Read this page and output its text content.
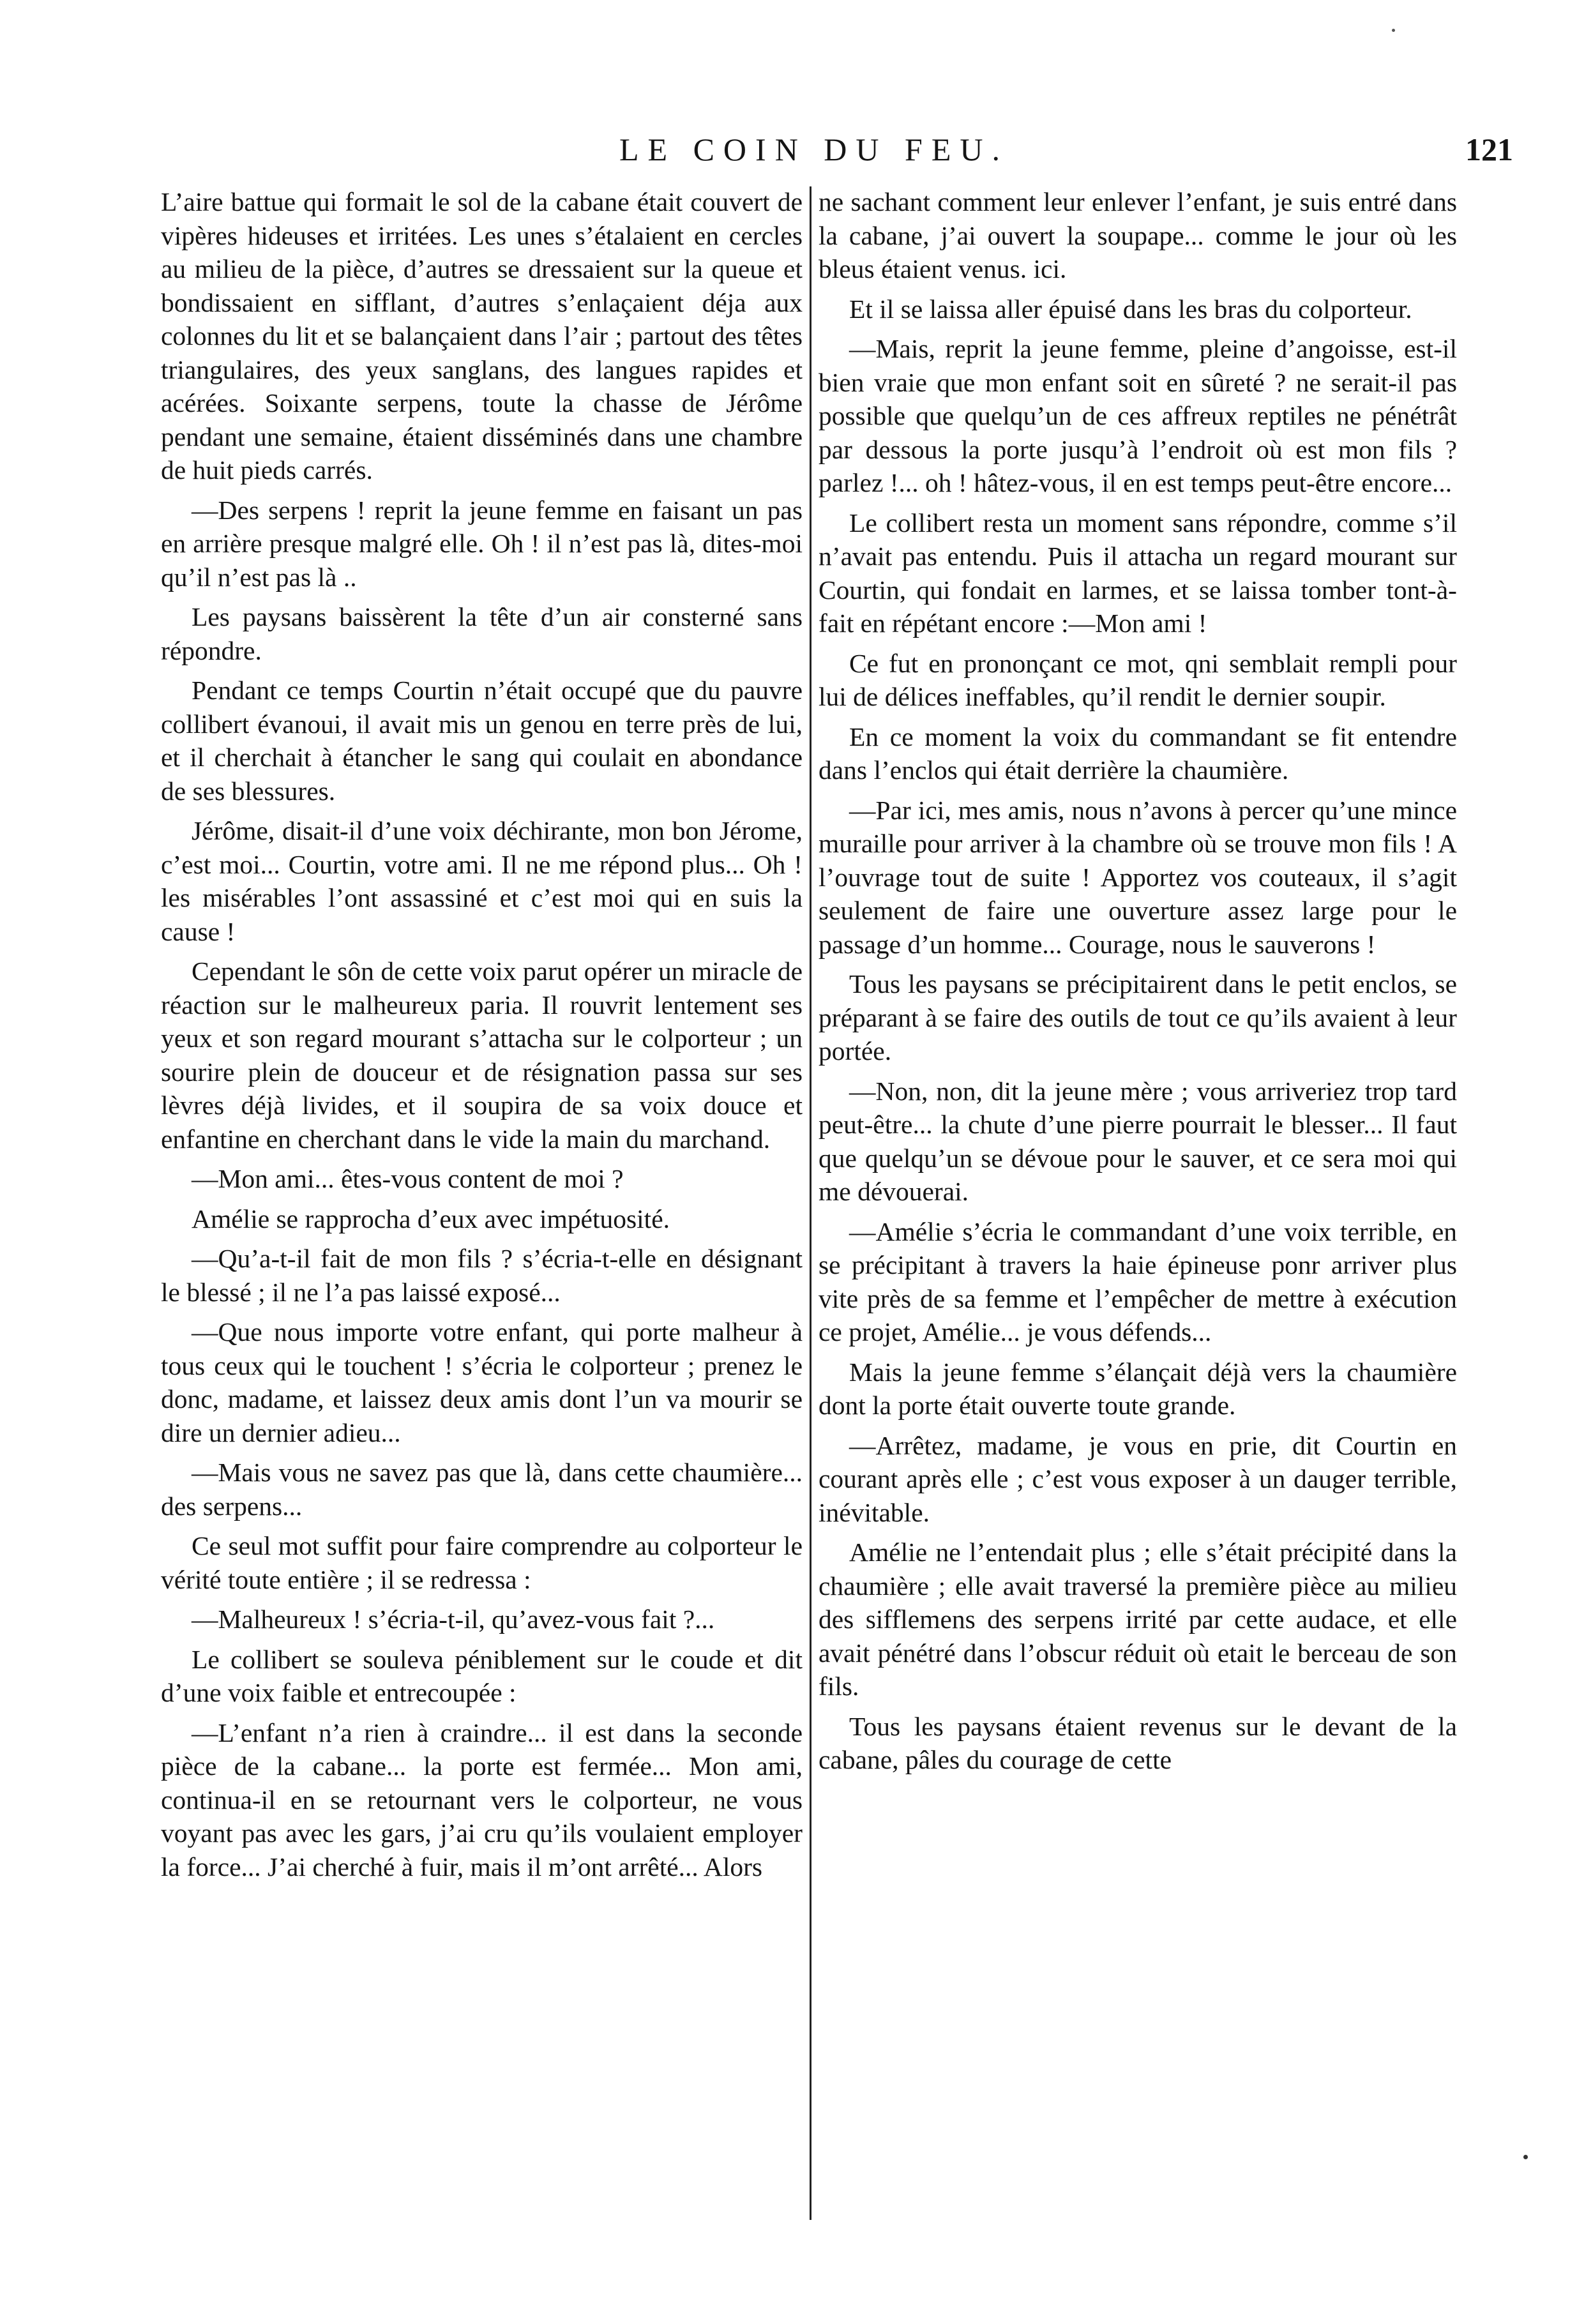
LE COIN DU FEU.	121

L’aire battue qui formait le sol de la cabane était couvert de vipères hideuses et irritées. Les unes s’étalaient en cercles au milieu de la pièce, d’autres se dressaient sur la queue et bondissaient en sifflant, d’autres s’enlaçaient déja aux colonnes du lit et se balançaient dans l’air ; partout des têtes triangulaires, des yeux sanglans, des langues rapides et acérées. Soixante serpens, toute la chasse de Jérôme pendant une semaine, étaient disséminés dans une chambre de huit pieds carrés.

—Des serpens ! reprit la jeune femme en faisant un pas en arrière presque malgré elle. Oh ! il n’est pas là, dites-moi qu’il n’est pas là ..

Les paysans baissèrent la tête d’un air consterné sans répondre.

Pendant ce temps Courtin n’était occupé que du pauvre collibert évanoui, il avait mis un genou en terre près de lui, et il cherchait à étancher le sang qui coulait en abondance de ses blessures.

Jérôme, disait-il d’une voix déchirante, mon bon Jérome, c’est moi... Courtin, votre ami. Il ne me répond plus... Oh ! les misérables l’ont assassiné et c’est moi qui en suis la cause !

Cependant le sôn de cette voix parut opérer un miracle de réaction sur le malheureux paria. Il rouvrit lentement ses yeux et son regard mourant s’attacha sur le colporteur ; un sourire plein de douceur et de résignation passa sur ses lèvres déjà livides, et il soupira de sa voix douce et enfantine en cherchant dans le vide la main du marchand.

—Mon ami... êtes-vous content de moi ?

Amélie se rapprocha d’eux avec impétuosité.

—Qu’a-t-il fait de mon fils ? s’écria-t-elle en désignant le blessé ; il ne l’a pas laissé exposé...

—Que nous importe votre enfant, qui porte malheur à tous ceux qui le touchent ! s’écria le colporteur ; prenez le donc, madame, et laissez deux amis dont l’un va mourir se dire un dernier adieu...

—Mais vous ne savez pas que là, dans cette chaumière... des serpens...

Ce seul mot suffit pour faire comprendre au colporteur le vérité toute entière ; il se redressa :

—Malheureux ! s’écria-t-il, qu’avez-vous fait ?...

Le collibert se souleva péniblement sur le coude et dit d’une voix faible et entrecoupée :

—L’enfant n’a rien à craindre... il est dans la seconde pièce de la cabane... la porte est fermée... Mon ami, continua-il en se retournant vers le colporteur, ne vous voyant pas avec les gars, j’ai cru qu’ils voulaient employer la force... J’ai cherché à fuir, mais il m’ont arrêté... Alors

ne sachant comment leur enlever l’enfant, je suis entré dans la cabane, j’ai ouvert la soupape... comme le jour où les bleus étaient venus. ici.

Et il se laissa aller épuisé dans les bras du colporteur.

—Mais, reprit la jeune femme, pleine d’angoisse, est-il bien vraie que mon enfant soit en sûreté ? ne serait-il pas possible que quelqu’un de ces affreux reptiles ne pénétrât par dessous la porte jusqu’à l’endroit où est mon fils ? parlez !... oh ! hâtez-vous, il en est temps peut-être encore...

Le collibert resta un moment sans répondre, comme s’il n’avait pas entendu. Puis il attacha un regard mourant sur Courtin, qui fondait en larmes, et se laissa tomber tont-à-fait en répétant encore :—Mon ami !

Ce fut en prononçant ce mot, qni semblait rempli pour lui de délices ineffables, qu’il rendit le dernier soupir.

En ce moment la voix du commandant se fit entendre dans l’enclos qui était derrière la chaumière.

—Par ici, mes amis, nous n’avons à percer qu’une mince muraille pour arriver à la chambre où se trouve mon fils ! A l’ouvrage tout de suite ! Apportez vos couteaux, il s’agit seulement de faire une ouverture assez large pour le passage d’un homme... Courage, nous le sauverons !

Tous les paysans se précipitairent dans le petit enclos, se préparant à se faire des outils de tout ce qu’ils avaient à leur portée.

—Non, non, dit la jeune mère ; vous arriveriez trop tard peut-être... la chute d’une pierre pourrait le blesser... Il faut que quelqu’un se dévoue pour le sauver, et ce sera moi qui me dévouerai.

—Amélie s’écria le commandant d’une voix terrible, en se précipitant à travers la haie épineuse ponr arriver plus vite près de sa femme et l’empêcher de mettre à exécution ce projet, Amélie... je vous défends...

Mais la jeune femme s’élançait déjà vers la chaumière dont la porte était ouverte toute grande.

—Arrêtez, madame, je vous en prie, dit Courtin en courant après elle ; c’est vous exposer à un dauger terrible, inévitable.

Amélie ne l’entendait plus ; elle s’était précipité dans la chaumière ; elle avait traversé la première pièce au milieu des sifflemens des serpens irrité par cette audace, et elle avait pénétré dans l’obscur réduit où etait le berceau de son fils.

Tous les paysans étaient revenus sur le devant de la cabane, pâles du courage de cette
